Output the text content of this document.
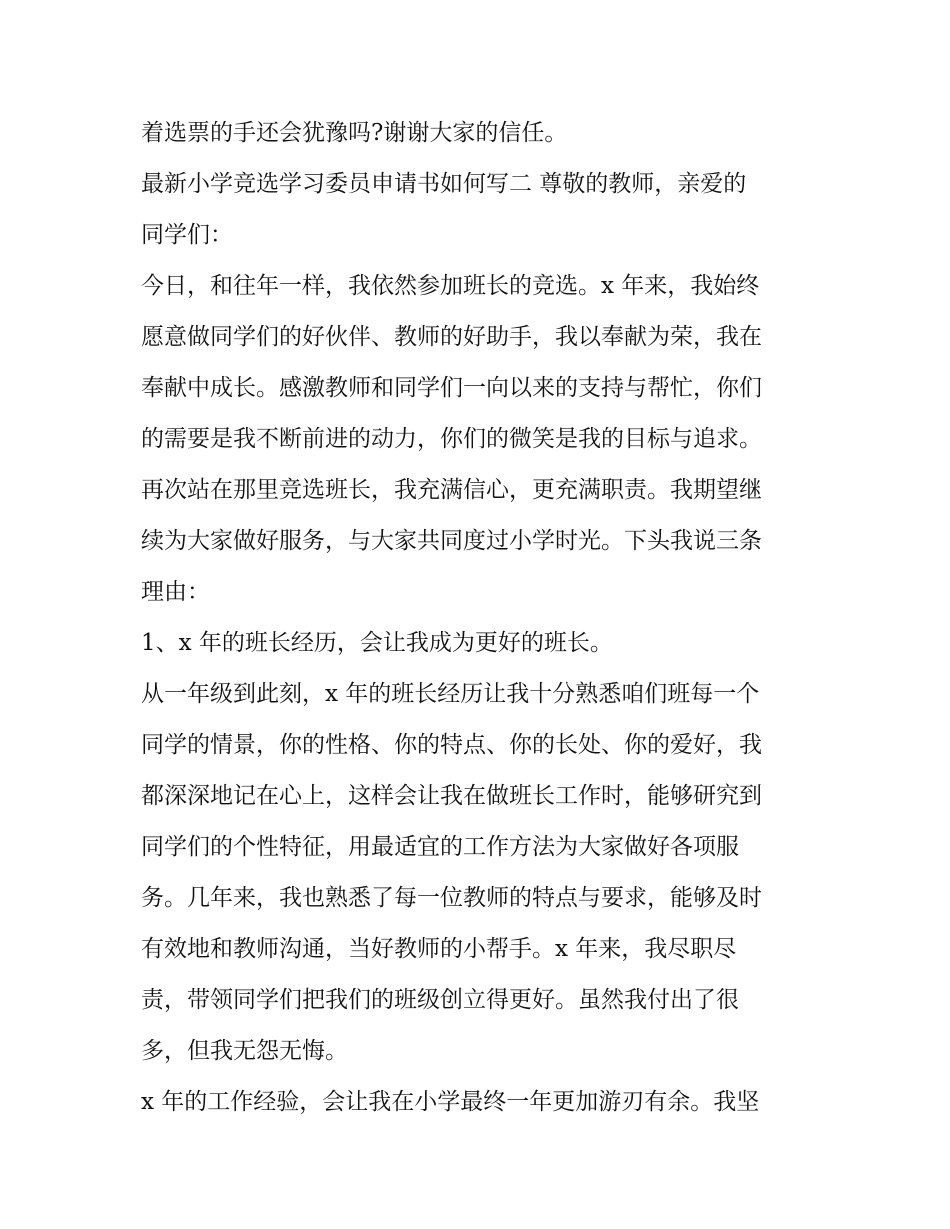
着选票的手还会犹豫吗?谢谢大家的信任。
最新小学竞选学习委员申请书如何写二 尊敬的教师，亲爱的
同学们：
今日，和往年一样，我依然参加班长的竞选。x 年来，我始终
愿意做同学们的好伙伴、教师的好助手，我以奉献为荣，我在
奉献中成长。感激教师和同学们一向以来的支持与帮忙，你们
的需要是我不断前进的动力，你们的微笑是我的目标与追求。
再次站在那里竞选班长，我充满信心，更充满职责。我期望继
续为大家做好服务，与大家共同度过小学时光。下头我说三条
理由：
1、x 年的班长经历，会让我成为更好的班长。
从一年级到此刻，x 年的班长经历让我十分熟悉咱们班每一个
同学的情景，你的性格、你的特点、你的长处、你的爱好，我
都深深地记在心上，这样会让我在做班长工作时，能够研究到
同学们的个性特征，用最适宜的工作方法为大家做好各项服
务。几年来，我也熟悉了每一位教师的特点与要求，能够及时
有效地和教师沟通，当好教师的小帮手。x 年来，我尽职尽
责，带领同学们把我们的班级创立得更好。虽然我付出了很
多，但我无怨无悔。
x 年的工作经验，会让我在小学最终一年更加游刃有余。我坚
